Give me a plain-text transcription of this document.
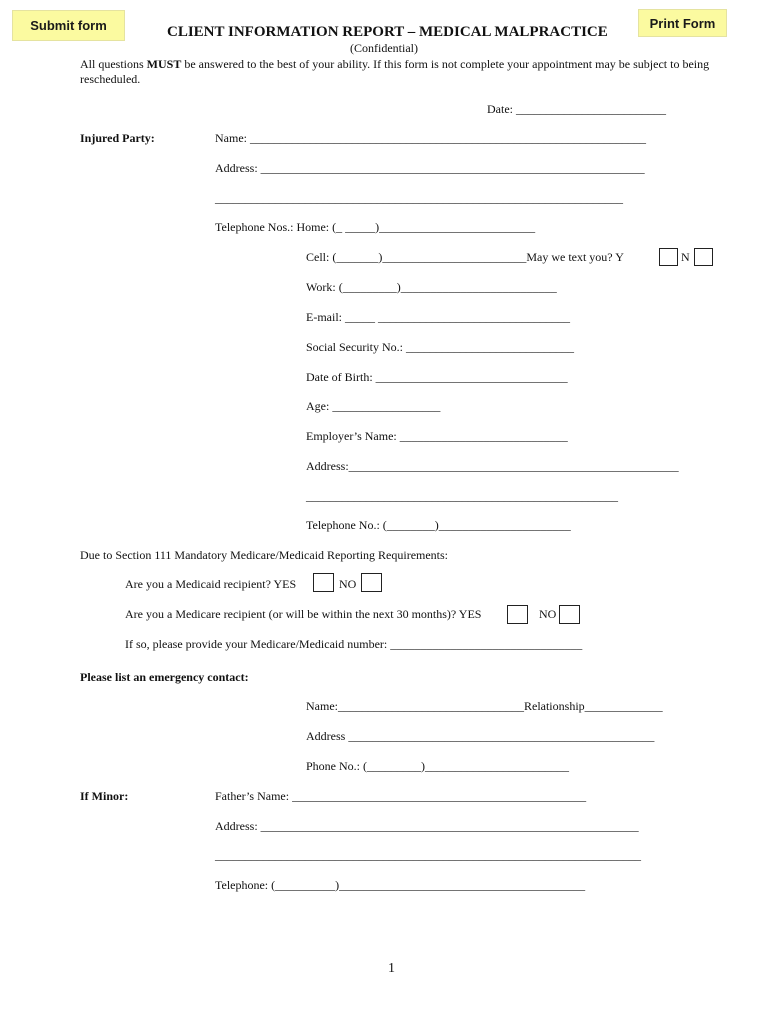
Submit form	Print Form
CLIENT INFORMATION REPORT – MEDICAL MALPRACTICE
(Confidential)
All questions MUST be answered to the best of your ability. If this form is not complete your appointment may be subject to being rescheduled.
Date: _________________________
Injured Party:	Name: __________________________________________________________________
Address: ________________________________________________________________
____________________________________________________________________
Telephone Nos.: Home: (_ _____)__________________________
Cell: (_______)________________________May we text you? Y	N
Work: (_________)__________________________
E-mail: _____ ________________________________
Social Security No.: ____________________________
Date of Birth: ________________________________
Age: __________________
Employer’s Name: ____________________________
Address:_______________________________________________________
____________________________________________________
Telephone No.: (________)______________________
Due to Section 111 Mandatory Medicare/Medicaid Reporting Requirements:
Are you a Medicaid recipient? YES	NO
Are you a Medicare recipient (or will be within the next 30 months)? YES	NO
If so, please provide your Medicare/Medicaid number: ________________________________
Please list an emergency contact:
Name:_______________________________Relationship_____________
Address ___________________________________________________
Phone No.: (_________)________________________
If Minor:	Father’s Name: _________________________________________________
Address: _______________________________________________________________
_______________________________________________________________________
Telephone: (__________)_________________________________________
1
